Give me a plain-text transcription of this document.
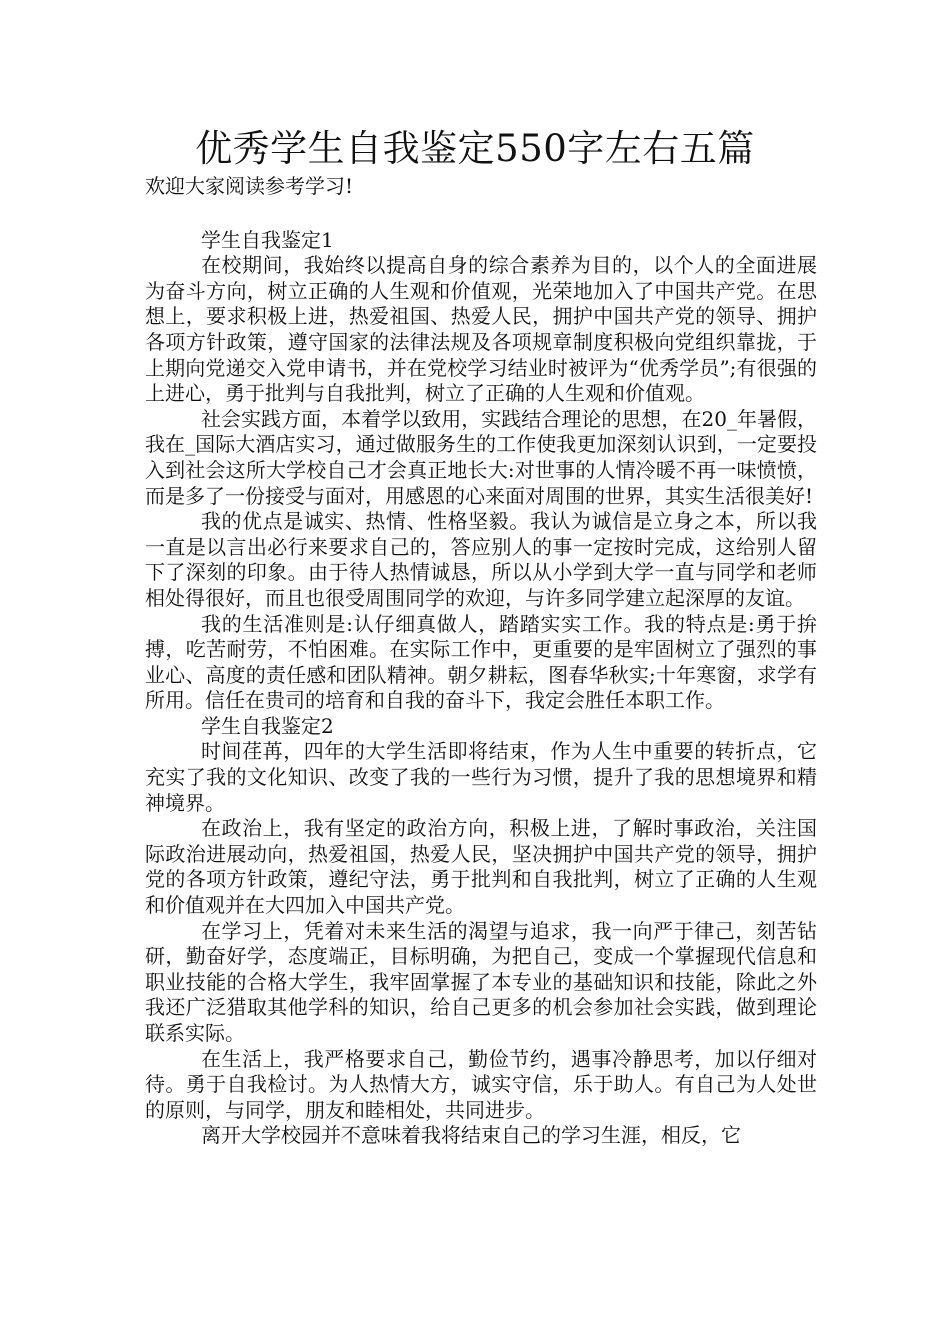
优秀学生自我鉴定550字左右五篇

欢迎大家阅读参考学习!

学生自我鉴定1

在校期间，我始终以提高自身的综合素养为目的，以个人的全面进展为奋斗方向，树立正确的人生观和价值观，光荣地加入了中国共产党。在思想上，要求积极上进，热爱祖国、热爱人民，拥护中国共产党的领导、拥护各项方针政策，遵守国家的法律法规及各项规章制度积极向党组织靠拢，于上期向党递交入党申请书，并在党校学习结业时被评为“优秀学员”;有很强的上进心，勇于批判与自我批判，树立了正确的人生观和价值观。

社会实践方面，本着学以致用，实践结合理论的思想，在20_年暑假，我在_国际大酒店实习，通过做服务生的工作使我更加深刻认识到，一定要投入到社会这所大学校自己才会真正地长大:对世事的人情冷暖不再一味愤愤，而是多了一份接受与面对，用感恩的心来面对周围的世界，其实生活很美好!

我的优点是诚实、热情、性格坚毅。我认为诚信是立身之本，所以我一直是以言出必行来要求自己的，答应别人的事一定按时完成，这给别人留下了深刻的印象。由于待人热情诚恳，所以从小学到大学一直与同学和老师相处得很好，而且也很受周围同学的欢迎，与许多同学建立起深厚的友谊。

我的生活准则是:认仔细真做人，踏踏实实工作。我的特点是:勇于拚搏，吃苦耐劳，不怕困难。在实际工作中，更重要的是牢固树立了强烈的事业心、高度的责任感和团队精神。朝夕耕耘，图春华秋实;十年寒窗，求学有所用。信任在贵司的培育和自我的奋斗下，我定会胜任本职工作。

学生自我鉴定2

时间荏苒，四年的大学生活即将结束，作为人生中重要的转折点，它充实了我的文化知识、改变了我的一些行为习惯，提升了我的思想境界和精神境界。

在政治上，我有坚定的政治方向，积极上进，了解时事政治，关注国际政治进展动向，热爱祖国，热爱人民，坚决拥护中国共产党的领导，拥护党的各项方针政策，遵纪守法，勇于批判和自我批判，树立了正确的人生观和价值观并在大四加入中国共产党。

在学习上，凭着对未来生活的渴望与追求，我一向严于律己，刻苦钻研，勤奋好学，态度端正，目标明确，为把自己，变成一个掌握现代信息和职业技能的合格大学生，我牢固掌握了本专业的基础知识和技能，除此之外我还广泛猎取其他学科的知识，给自己更多的机会参加社会实践，做到理论联系实际。

在生活上，我严格要求自己，勤俭节约，遇事冷静思考，加以仔细对待。勇于自我检讨。为人热情大方，诚实守信，乐于助人。有自己为人处世的原则，与同学，朋友和睦相处，共同进步。

离开大学校园并不意味着我将结束自己的学习生涯，相反，它
